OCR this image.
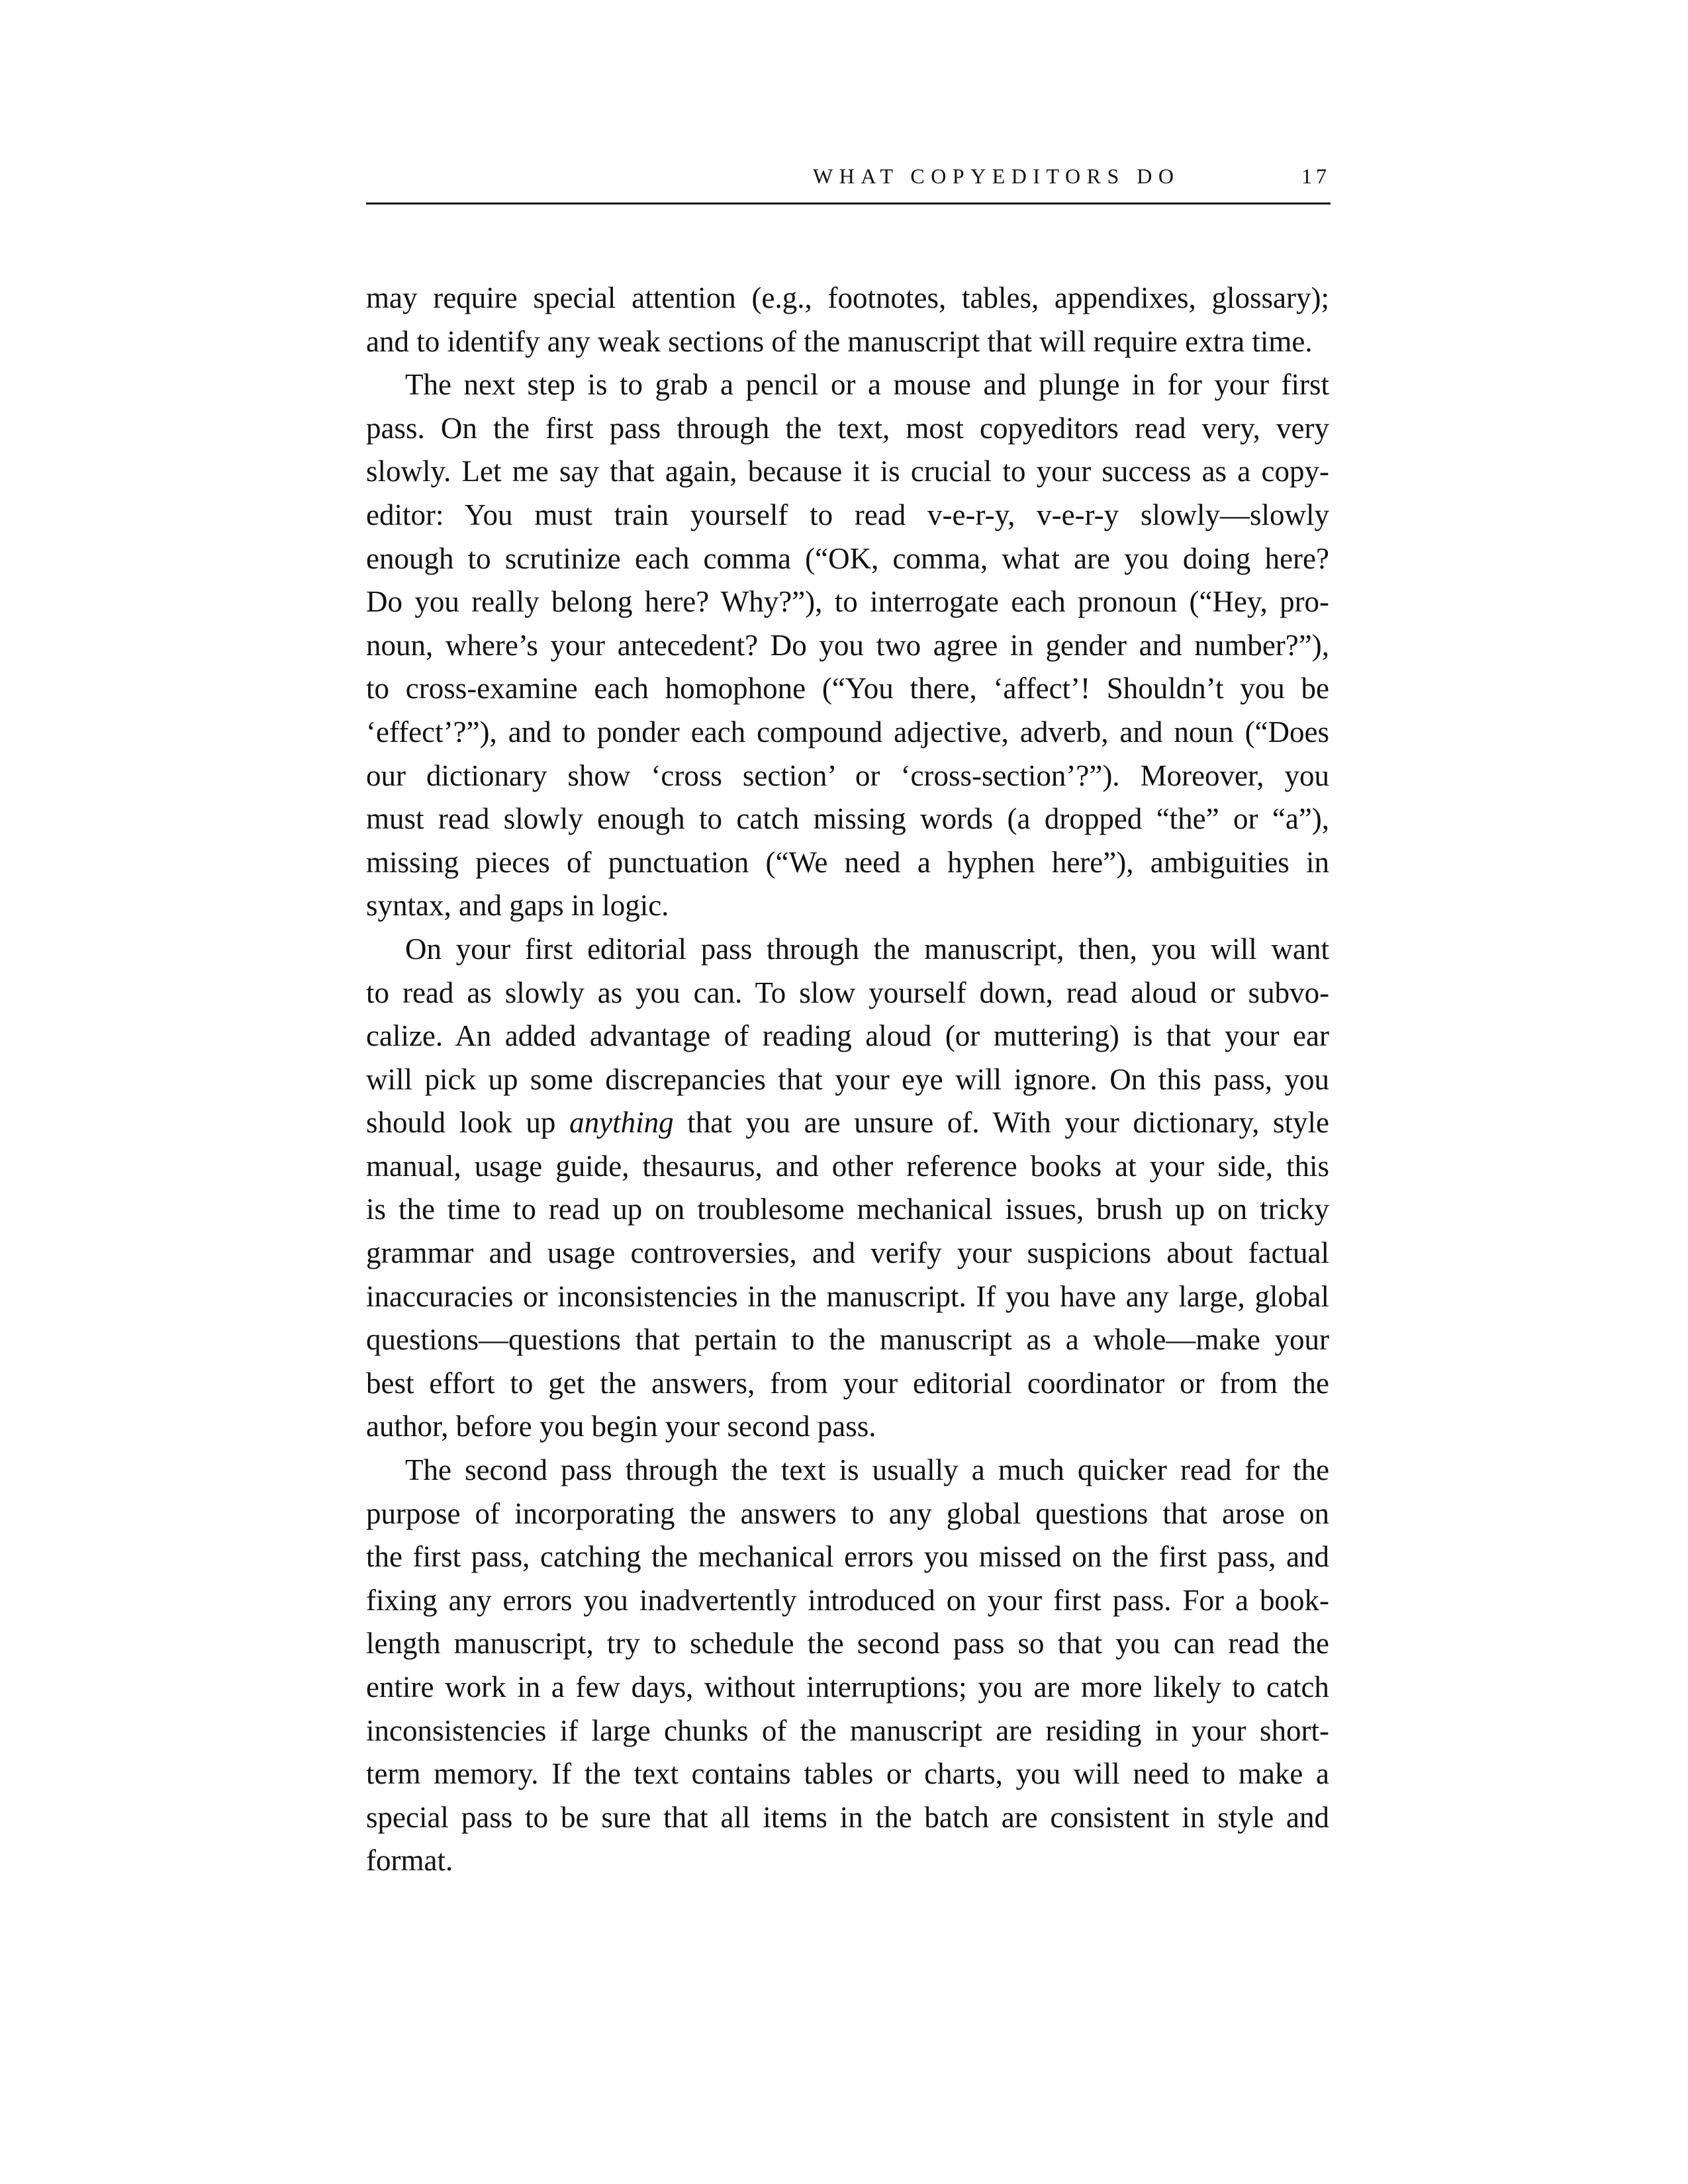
WHAT COPYEDITORS DO	17
may require special attention (e.g., footnotes, tables, appendixes, glossary);
and to identify any weak sections of the manuscript that will require extra time.
The next step is to grab a pencil or a mouse and plunge in for your first
pass. On the first pass through the text, most copyeditors read very, very
slowly. Let me say that again, because it is crucial to your success as a copy-
editor: You must train yourself to read v-e-r-y, v-e-r-y slowly—slowly
enough to scrutinize each comma (“OK, comma, what are you doing here?
Do you really belong here? Why?”), to interrogate each pronoun (“Hey, pro-
noun, where’s your antecedent? Do you two agree in gender and number?”),
to cross-examine each homophone (“You there, ‘affect’! Shouldn’t you be
‘effect’?”), and to ponder each compound adjective, adverb, and noun (“Does
our dictionary show ‘cross section’ or ‘cross-section’?”). Moreover, you
must read slowly enough to catch missing words (a dropped “the” or “a”),
missing pieces of punctuation (“We need a hyphen here”), ambiguities in
syntax, and gaps in logic.
On your first editorial pass through the manuscript, then, you will want
to read as slowly as you can. To slow yourself down, read aloud or subvo-
calize. An added advantage of reading aloud (or muttering) is that your ear
will pick up some discrepancies that your eye will ignore. On this pass, you
should look up anything that you are unsure of. With your dictionary, style
manual, usage guide, thesaurus, and other reference books at your side, this
is the time to read up on troublesome mechanical issues, brush up on tricky
grammar and usage controversies, and verify your suspicions about factual
inaccuracies or inconsistencies in the manuscript. If you have any large, global
questions—questions that pertain to the manuscript as a whole—make your
best effort to get the answers, from your editorial coordinator or from the
author, before you begin your second pass.
The second pass through the text is usually a much quicker read for the
purpose of incorporating the answers to any global questions that arose on
the first pass, catching the mechanical errors you missed on the first pass, and
fixing any errors you inadvertently introduced on your first pass. For a book-
length manuscript, try to schedule the second pass so that you can read the
entire work in a few days, without interruptions; you are more likely to catch
inconsistencies if large chunks of the manuscript are residing in your short-
term memory. If the text contains tables or charts, you will need to make a
special pass to be sure that all items in the batch are consistent in style and
format.
